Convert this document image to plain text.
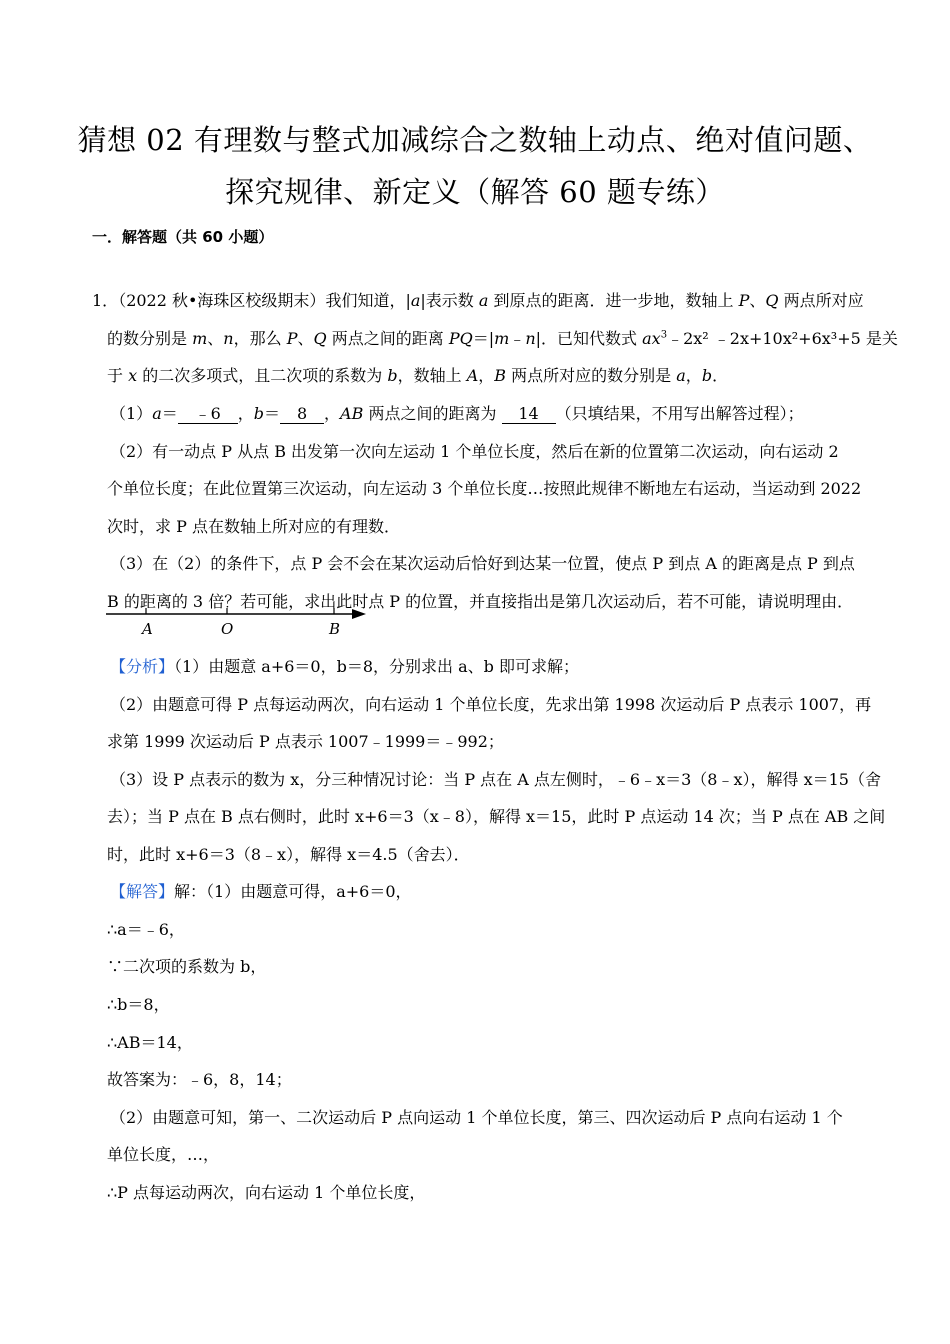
猜想 02 有理数与整式加减综合之数轴上动点、绝对值问题、
探究规律、新定义（解答 60 题专练）
一．解答题（共 60 小题）
1．（2022 秋•海珠区校级期末）我们知道，|a|表示数 a 到原点的距离．进一步地，数轴上 P、Q 两点所对应
的数分别是 m、n，那么 P、Q 两点之间的距离 PQ＝|m﹣n|．已知代数式 $ax^3﹣2x^2$ ﹣2x+10x²+6x³+5 是关
于 x 的二次多项式，且二次项的系数为 b，数轴上 A，B 两点所对应的数分别是 a，b．
（1）a＝ ﹣6 ，b＝ 8 ，AB 两点之间的距离为 14 （只填结果，不用写出解答过程）；
（2）有一动点 P 从点 B 出发第一次向左运动 1 个单位长度，然后在新的位置第二次运动，向右运动 2
个单位长度；在此位置第三次运动，向左运动 3 个单位长度…按照此规律不断地左右运动，当运动到 2022
次时，求 P 点在数轴上所对应的有理数．
（3）在（2）的条件下，点 P 会不会在某次运动后恰好到达某一位置，使点 P 到点 A 的距离是点 P 到点
B 的距离的 3 倍？若可能，求出此时点 P 的位置，并直接指出是第几次运动后，若不可能，请说明理由．
A	O	B
【分析】（1）由题意 a+6＝0，b＝8，分别求出 a、b 即可求解；
（2）由题意可得 P 点每运动两次，向右运动 1 个单位长度，先求出第 1998 次运动后 P 点表示 1007，再
求第 1999 次运动后 P 点表示 1007﹣1999＝﹣992；
（3）设 P 点表示的数为 x，分三种情况讨论：当 P 点在 A 点左侧时，﹣6﹣x＝3（8﹣x），解得 x＝15（舍
去）；当 P 点在 B 点右侧时，此时 x+6＝3（x﹣8），解得 x＝15，此时 P 点运动 14 次；当 P 点在 AB 之间
时，此时 x+6＝3（8﹣x），解得 x＝4.5（舍去）．
【解答】解：（1）由题意可得，a+6＝0，
∴a＝﹣6，
∵二次项的系数为 b，
∴b＝8，
∴AB＝14，
故答案为：﹣6，8，14；
（2）由题意可知，第一、二次运动后 P 点向运动 1 个单位长度，第三、四次运动后 P 点向右运动 1 个
单位长度，…，
∴P 点每运动两次，向右运动 1 个单位长度，
